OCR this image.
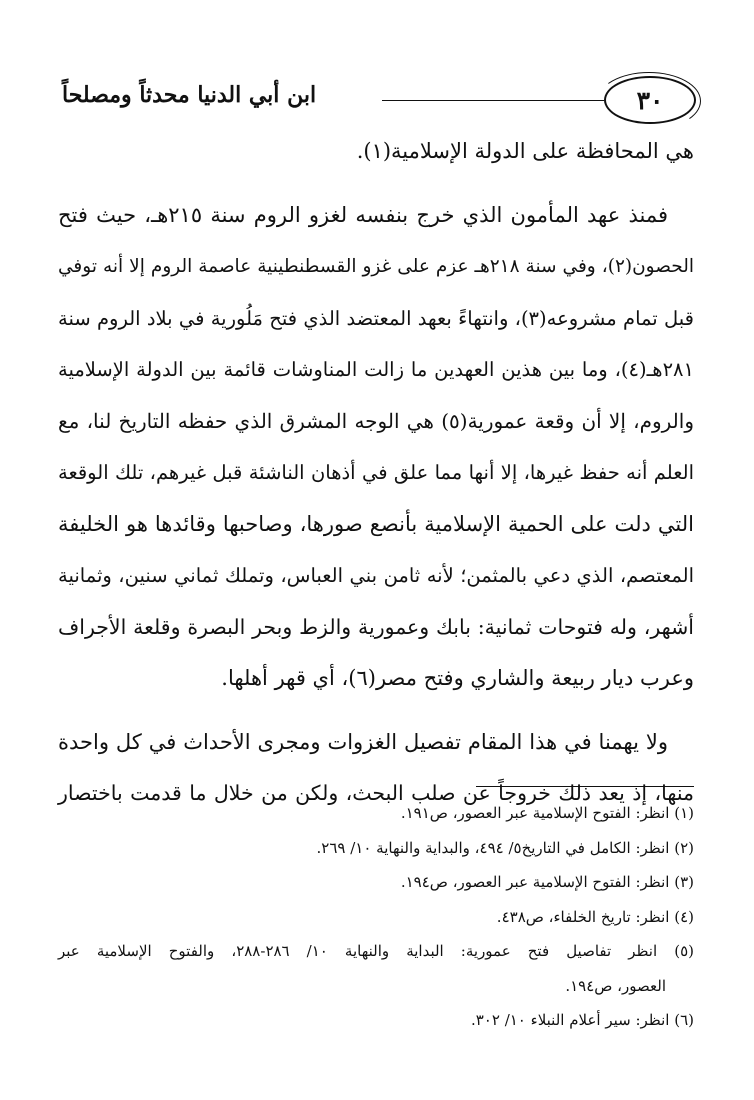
٣٠
ابن أبي الدنيا محدثاً ومصلحاً
هي المحافظة على الدولة الإسلامية(١).
فمنذ عهد المأمون الذي خرج بنفسه لغزو الروم سنة ٢١٥هـ، حيث فتح
الحصون(٢)، وفي سنة ٢١٨هـ عزم على غزو القسطنطينية عاصمة الروم إلا أنه توفي
قبل تمام مشروعه(٣)، وانتهاءً بعهد المعتضد الذي فتح مَلُورية في بلاد الروم سنة
٢٨١هـ(٤)، وما بين هذين العهدين ما زالت المناوشات قائمة بين الدولة الإسلامية
والروم، إلا أن وقعة عمورية(٥) هي الوجه المشرق الذي حفظه التاريخ لنا، مع
العلم أنه حفظ غيرها، إلا أنها مما علق في أذهان الناشئة قبل غيرهم، تلك الوقعة
التي دلت على الحمية الإسلامية بأنصع صورها، وصاحبها وقائدها هو الخليفة
المعتصم، الذي دعي بالمثمن؛ لأنه ثامن بني العباس، وتملك ثماني سنين، وثمانية
أشهر، وله فتوحات ثمانية: بابك وعمورية والزط وبحر البصرة وقلعة الأجراف
وعرب ديار ربيعة والشاري وفتح مصر(٦)، أي قهر أهلها.
ولا يهمنا في هذا المقام تفصيل الغزوات ومجرى الأحداث في كل واحدة
منها، إذ يعد ذلك خروجاً عن صلب البحث، ولكن من خلال ما قدمت باختصار
(١) انظر: الفتوح الإسلامية عبر العصور، ص١٩١.
(٢) انظر: الكامل في التاريخ٥/ ٤٩٤، والبداية والنهاية ١٠/ ٢٦٩.
(٣) انظر: الفتوح الإسلامية عبر العصور، ص١٩٤.
(٤) انظر: تاريخ الخلفاء، ص٤٣٨.
(٥) انظر تفاصيل فتح عمورية: البداية والنهاية ١٠/ ٢٨٦-٢٨٨، والفتوح الإسلامية عبر
العصور، ص١٩٤.
(٦) انظر: سير أعلام النبلاء ١٠/ ٣٠٢.
